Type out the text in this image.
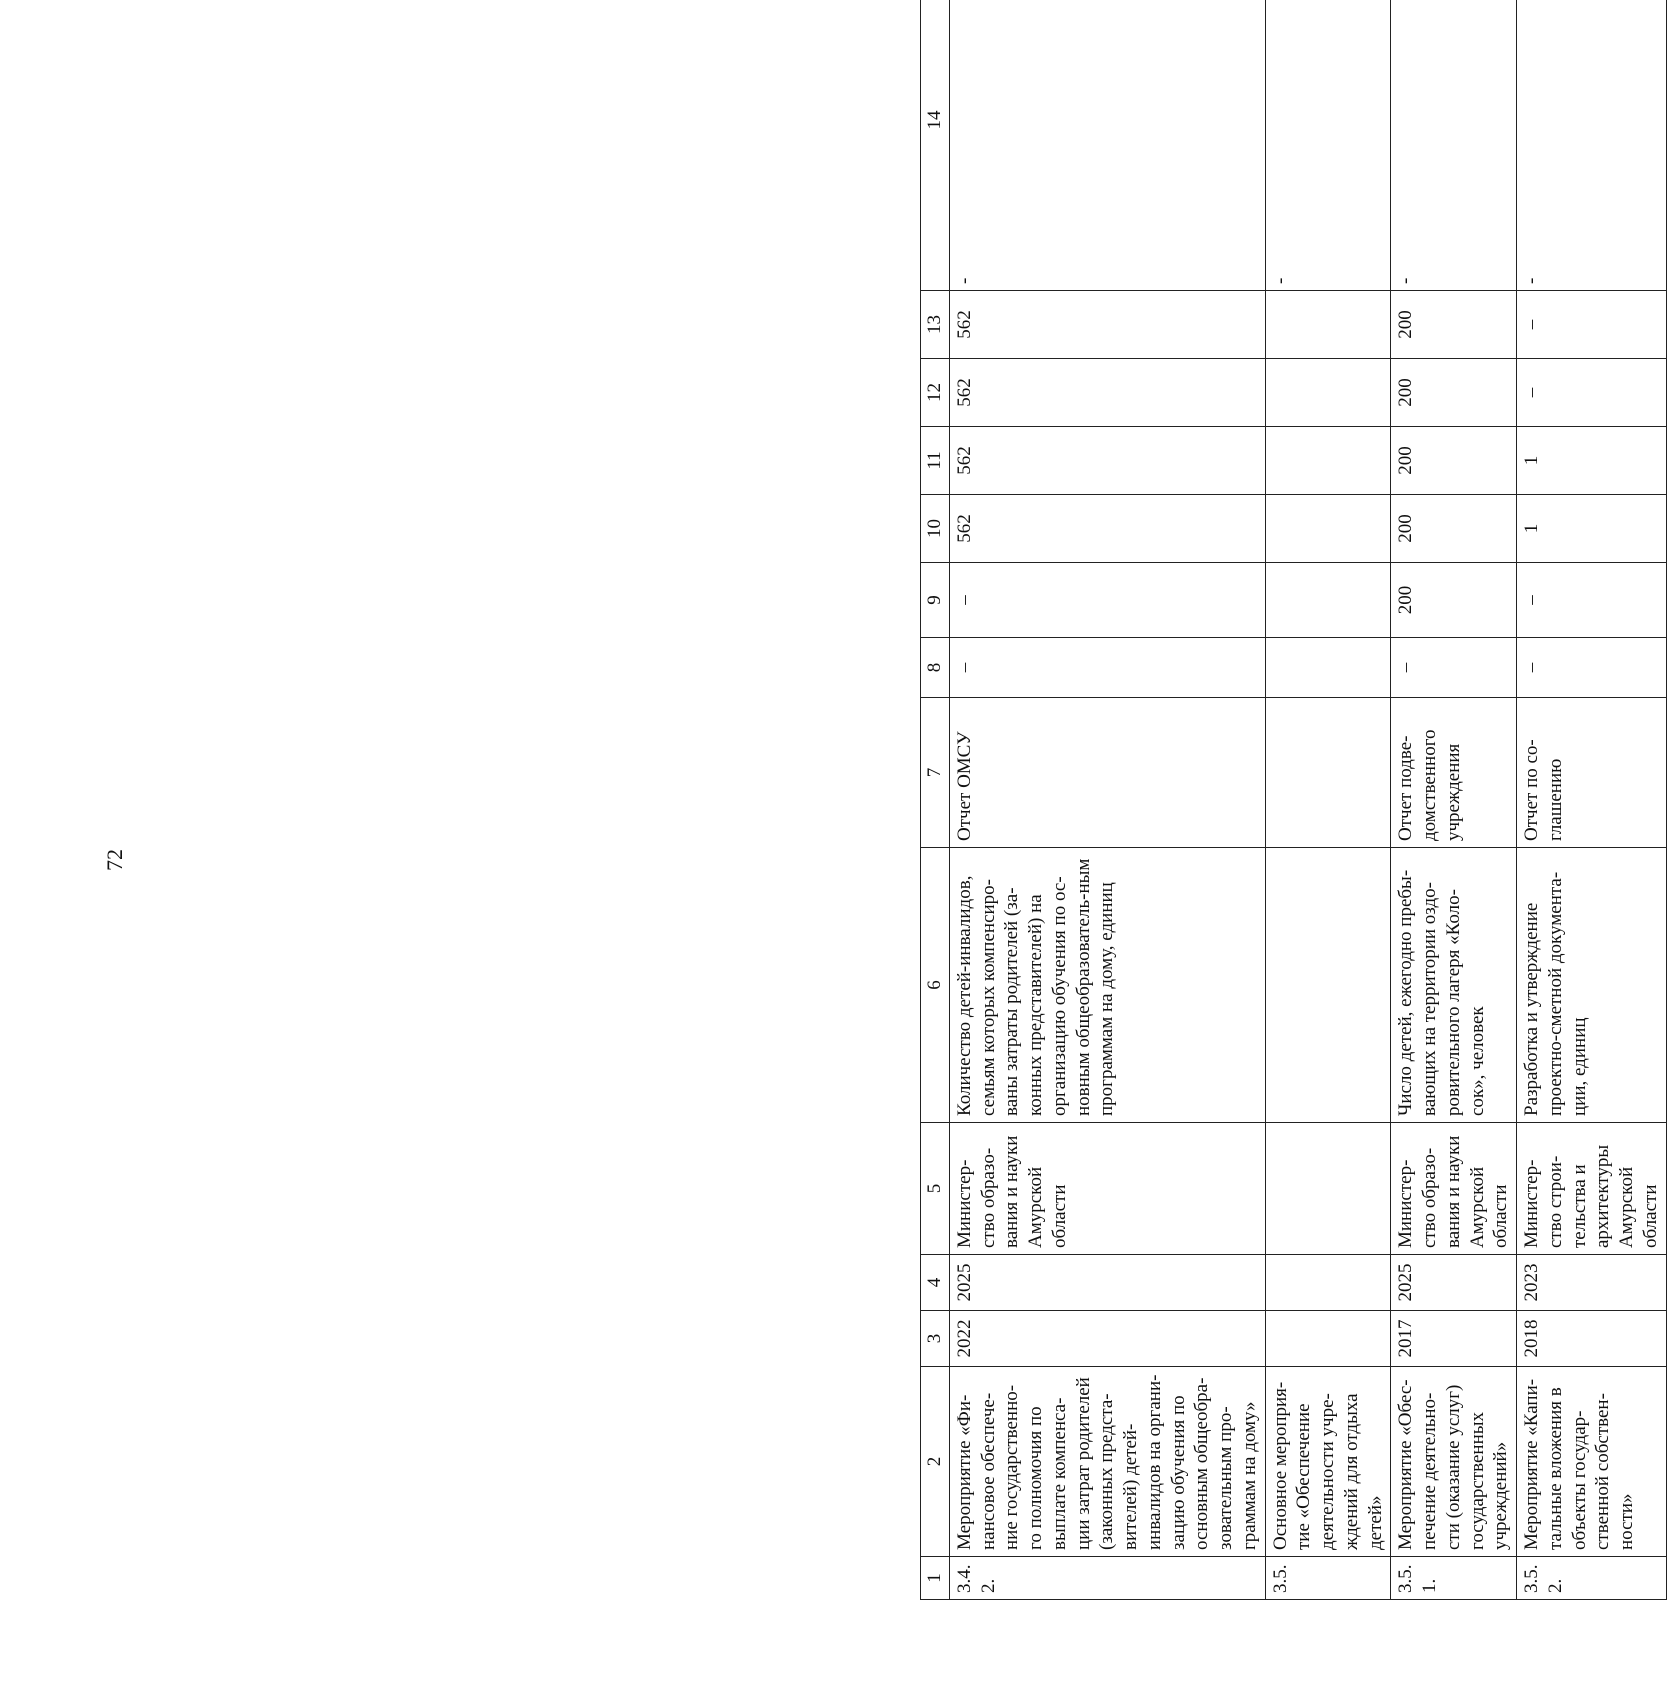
72
1	2	3	4	5	6	7	8	9	10	11	12	13	14
3.4.2.	Мероприятие «Фи-нансовое обеспече-ние государственно-го полномочия по выплате компенса-ции затрат родителей (законных предста-вителей) детей-инвалидов на органи-зацию обучения по основным общеобра-зовательным про-граммам на дому»	2022	2025	Министер-ство образо-вания и науки Амурской области	Количество детей-инвалидов, семьям которых компенсиро-ваны затраты родителей (за-конных представителей) на организацию обучения по ос-новным общеобразователь-ным программам на дому, единиц	Отчет ОМСУ	–	–	562	562	562	562	-
3.5.	Основное мероприя-тие «Обеспечение деятельности учре-ждений для отдыха детей»												-
3.5.1.	Мероприятие «Обес-печение деятельно-сти (оказание услуг) государственных учреждений»	2017	2025	Министер-ство образо-вания и науки Амурской области	Число детей, ежегодно пребы-вающих на территории оздо-ровительного лагеря «Коло-сок», человек	Отчет подве-домственного учреждения	–	200	200	200	200	200	-
3.5.2.	Мероприятие «Капи-тальные вложения в объекты государ-ственной собствен-ности»	2018	2023	Министер-ство строи-тельства и архитектуры Амурской области	Разработка и утверждение проектно-сметной документа-ции, единиц	Отчет по со-глашению	–	–	1	1	–	–	-
